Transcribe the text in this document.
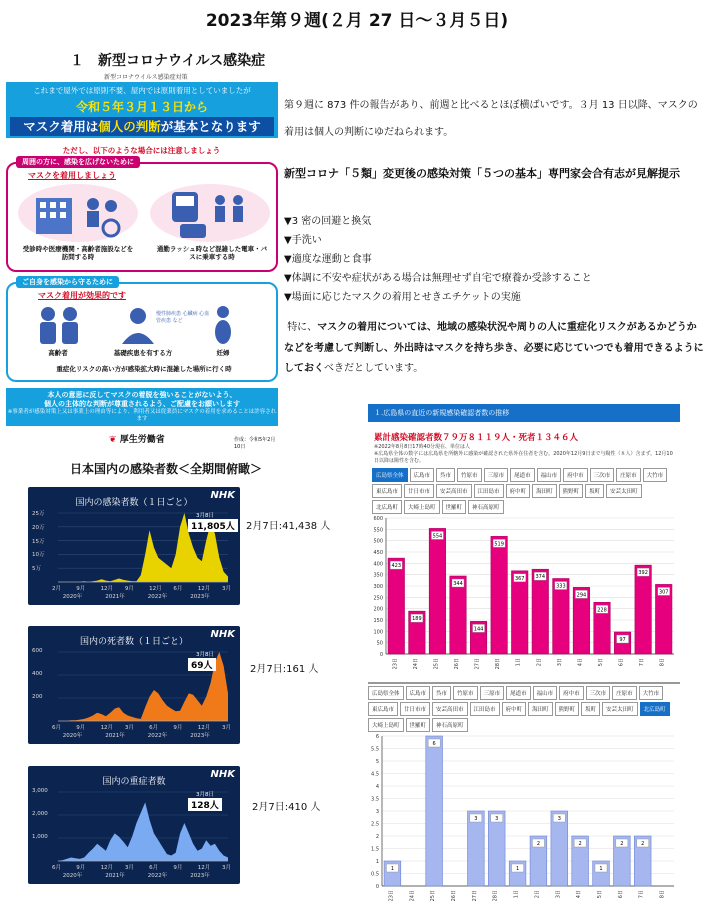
2023年第９週(２月 27 日〜３月５日)
１　新型コロナウイルス感染症
新型コロナウイルス感染症対策
これまで屋外では原則不要、屋内では原則着用としていましたが
令和５年３月１３日から
マスク着用は個人の判断が基本となります
ただし、以下のような場合には注意しましょう
周囲の方に、感染を広げないために
マスクを着用しましょう
受診時や医療機関・高齢者施設などを訪問する時
通勤ラッシュ時など混雑した電車・バスに乗車する時
ご自身を感染から守るために
マスク着用が効果的です
慢性肺疾患 心臓病 心血管疾患 など
高齢者	基礎疾患を有する方	妊婦
重症化リスクの高い方が感染拡大時に混雑した場所に行く時
本人の意思に反してマスクの着脱を強いることがないよう、
個人の主体的な判断が尊重されるよう、ご配慮をお願いします
※事業者が感染対策上又は事業上の理由等により、利用者又は従業員にマスクの着用を求めることは許容されます
❦ 厚生労働省	作成：令和5年2月10日
第９週に 873 件の報告があり、前週と比べるとほぼ横ばいです。３月 13 日以降、マスクの着用は個人の判断にゆだねられます。
新型コロナ「５類」変更後の感染対策「５つの基本」専門家会合有志が見解提示
▼3 密の回避と換気
▼手洗い
▼適度な運動と食事
▼体調に不安や症状がある場合は無理せず自宅で療養か受診すること
▼場面に応じたマスクの着用とせきエチケットの実施
特に、マスクの着用については、地域の感染状況や周りの人に重症化リスクがあるかどうかなどを考慮して判断し、外出時はマスクを持ち歩き、必要に応じていつでも着用できるようにしておくべきだとしています。
日本国内の感染者数＜全期間俯瞰＞
国内の感染者数（１日ごと）
NHK
25万
20万
15万
10万
5万
2月	9月	12月 9月	12月 6月	12月 3月
2020年	2021年	2022年	2023年
3月8日
11,805人	2月7日:41,438 人
国内の死者数（１日ごと）
NHK
600
400
200
6月	9月	12月 3月	6月	9月	12月 3月
2020年	2021年	2022年	2023年
3月8日
69人	2月7日:161 人
国内の重症者数
NHK
3,000
2,000
1,000
6月	9月	12月 3月	6月	9月	12月 3月
2020年	2021年	2022年	2023年
3月8日
128人	2月7日:410 人
１.広島県の直近の新規感染確認者数の推移
累計感染確認者数７９万８１１９人・死者１３４６人
※2022年8月8日17時40分現在、単位は人
※広島県全体の数字には広島県を所轄外に感染が確認された県外在住者を含む。2020年12月9日まで与陽性（８人）含まず。12月10日以降は陽性を含む。
広島県全体	広島市	呉市	竹原市	三原市	尾道市	福山市	府中市	三次市	庄原市	大竹市
東広島市	廿日市市	安芸高田市	江田島市	府中町	海田町	熊野町	坂町	安芸太田町
北広島町	大崎上島町	世羅町	神石高原町
0
50
100
150
200
250
300
350
400
450
500
550
600
423
23日
189
24日
554
25日
344
26日
144
27日
519
28日
367
1日
374
2日
333
3日
294
4日
228
5日
97
6日
392
7日
307
8日
広島県全体	広島市	呉市	竹原市	三原市	尾道市	福山市	府中市	三次市	庄原市	大竹市
東広島市	廿日市市	安芸高田市	江田島市	府中町	海田町	熊野町	坂町	安芸太田町	北広島町
大崎上島町	世羅町	神石高原町
0
0.5
1
1.5
2
2.5
3
3.5
4
4.5
5
5.5
6
1
23日	24日
6
25日	26日
3
27日
3
28日
1
1日
2
2日
3
3日
2
4日
1
5日
2
6日
2
7日	8日
